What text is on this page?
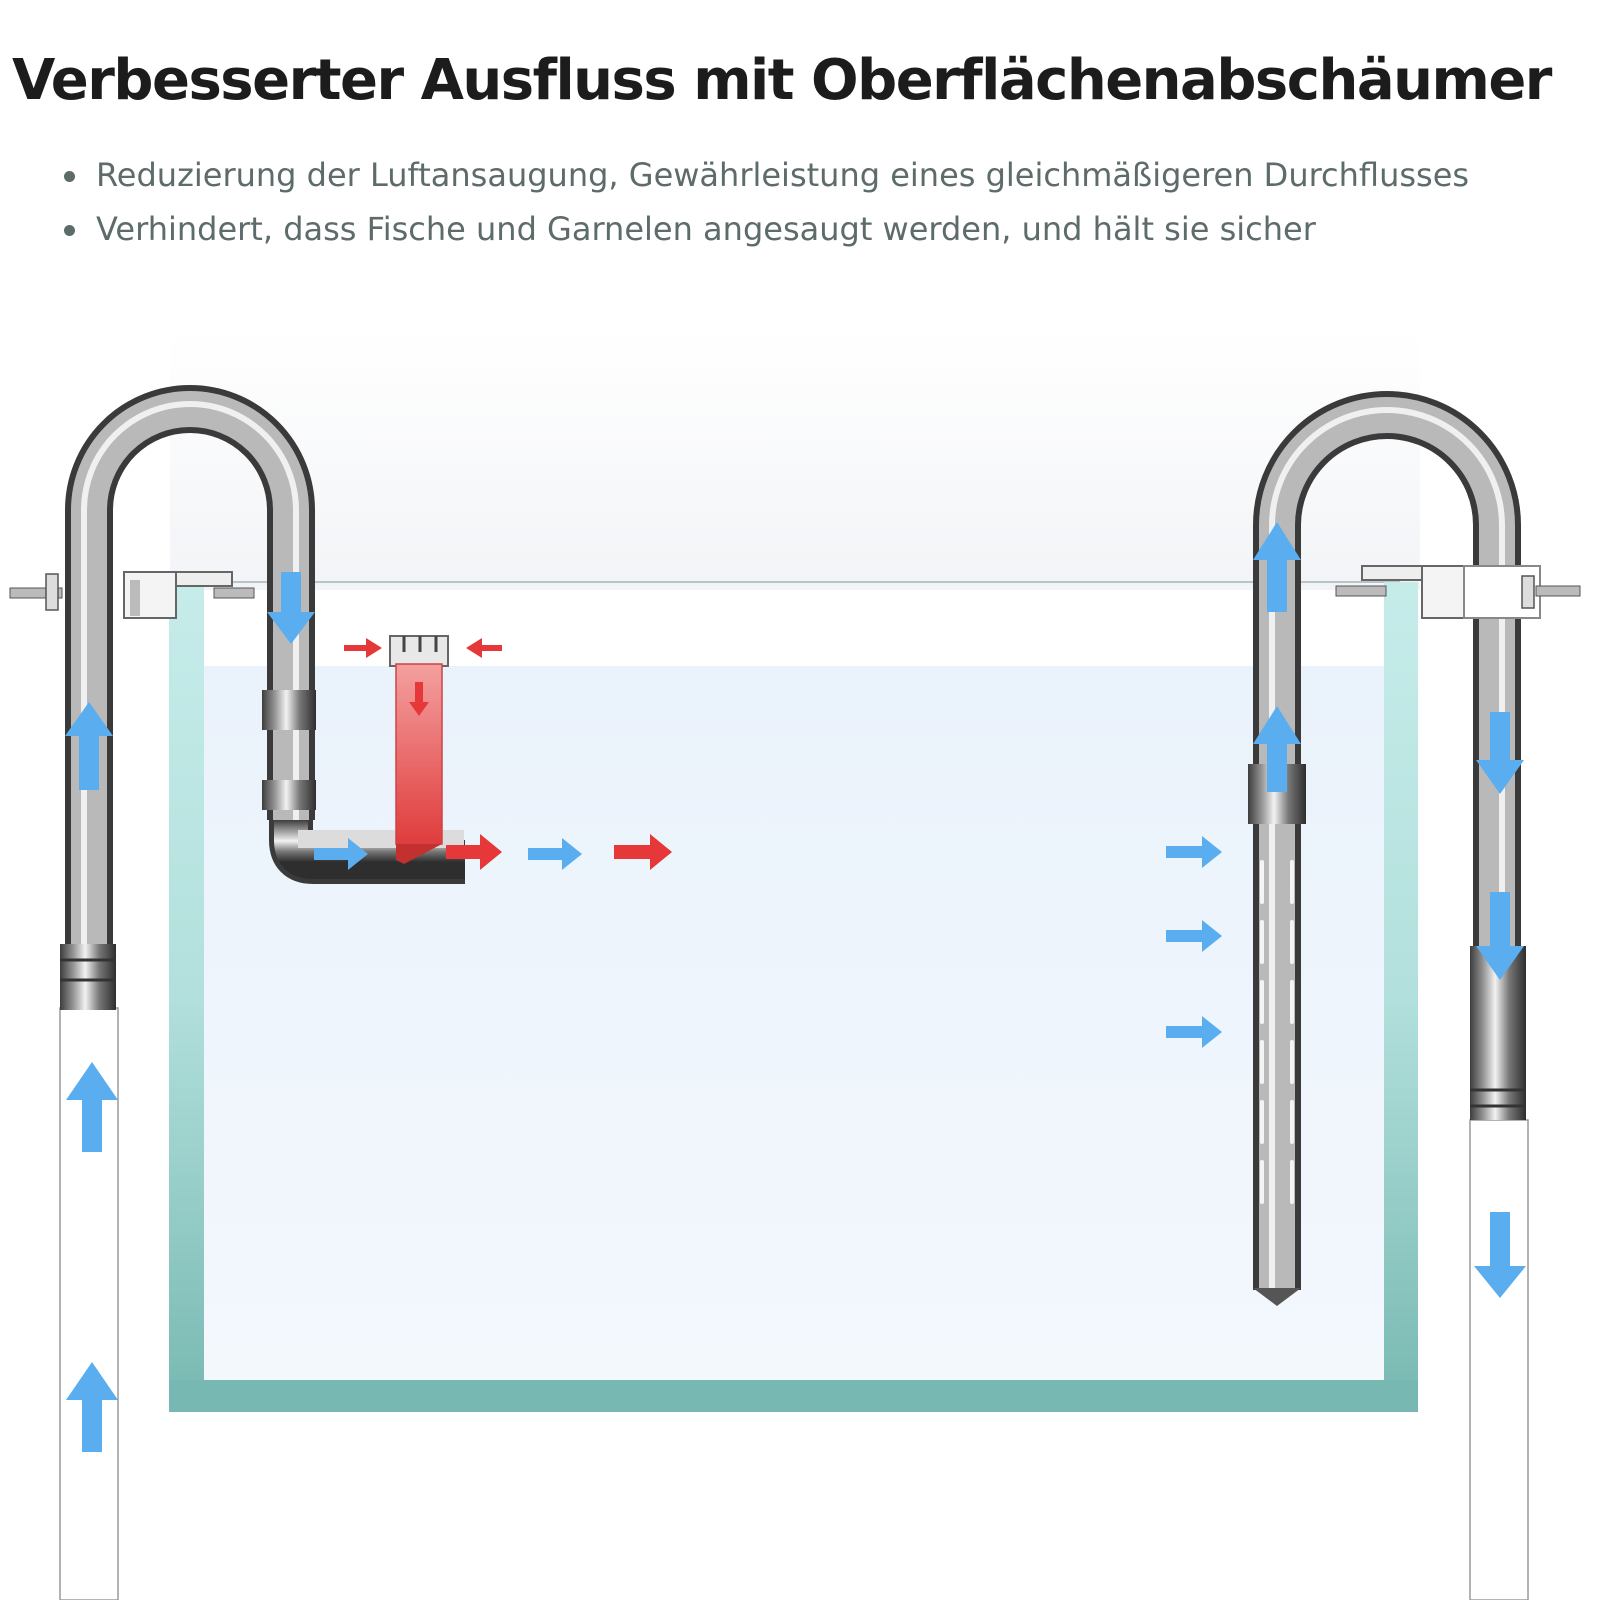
Verbesserter Ausfluss mit Oberflächenabschäumer
Reduzierung der Luftansaugung, Gewährleistung eines gleichmäßigeren Durchflusses
Verhindert, dass Fische und Garnelen angesaugt werden, und hält sie sicher
